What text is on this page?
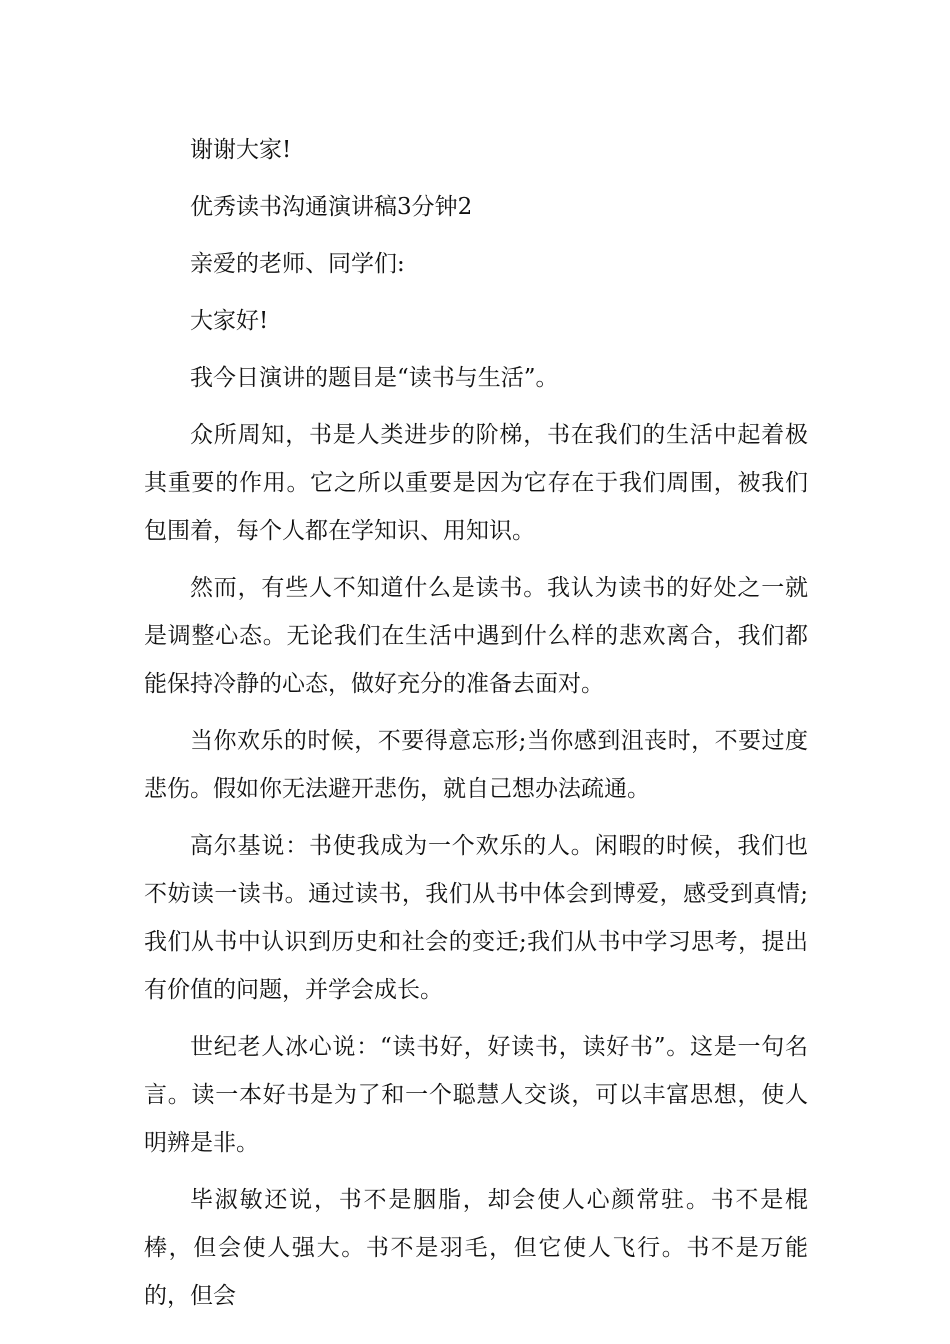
谢谢大家!

优秀读书沟通演讲稿3分钟2

亲爱的老师、同学们:

大家好!

我今日演讲的题目是“读书与生活”。

众所周知，书是人类进步的阶梯，书在我们的生活中起着极其重要的作用。它之所以重要是因为它存在于我们周围，被我们包围着，每个人都在学知识、用知识。

然而，有些人不知道什么是读书。我认为读书的好处之一就是调整心态。无论我们在生活中遇到什么样的悲欢离合，我们都能保持冷静的心态，做好充分的准备去面对。

当你欢乐的时候，不要得意忘形;当你感到沮丧时，不要过度悲伤。假如你无法避开悲伤，就自己想办法疏通。

高尔基说：书使我成为一个欢乐的人。闲暇的时候，我们也不妨读一读书。通过读书，我们从书中体会到博爱，感受到真情;我们从书中认识到历史和社会的变迁;我们从书中学习思考，提出有价值的问题，并学会成长。

世纪老人冰心说：“读书好，好读书，读好书”。这是一句名言。读一本好书是为了和一个聪慧人交谈，可以丰富思想，使人明辨是非。

毕淑敏还说，书不是胭脂，却会使人心颜常驻。书不是棍棒，但会使人强大。书不是羽毛，但它使人飞行。书不是万能的，但会
